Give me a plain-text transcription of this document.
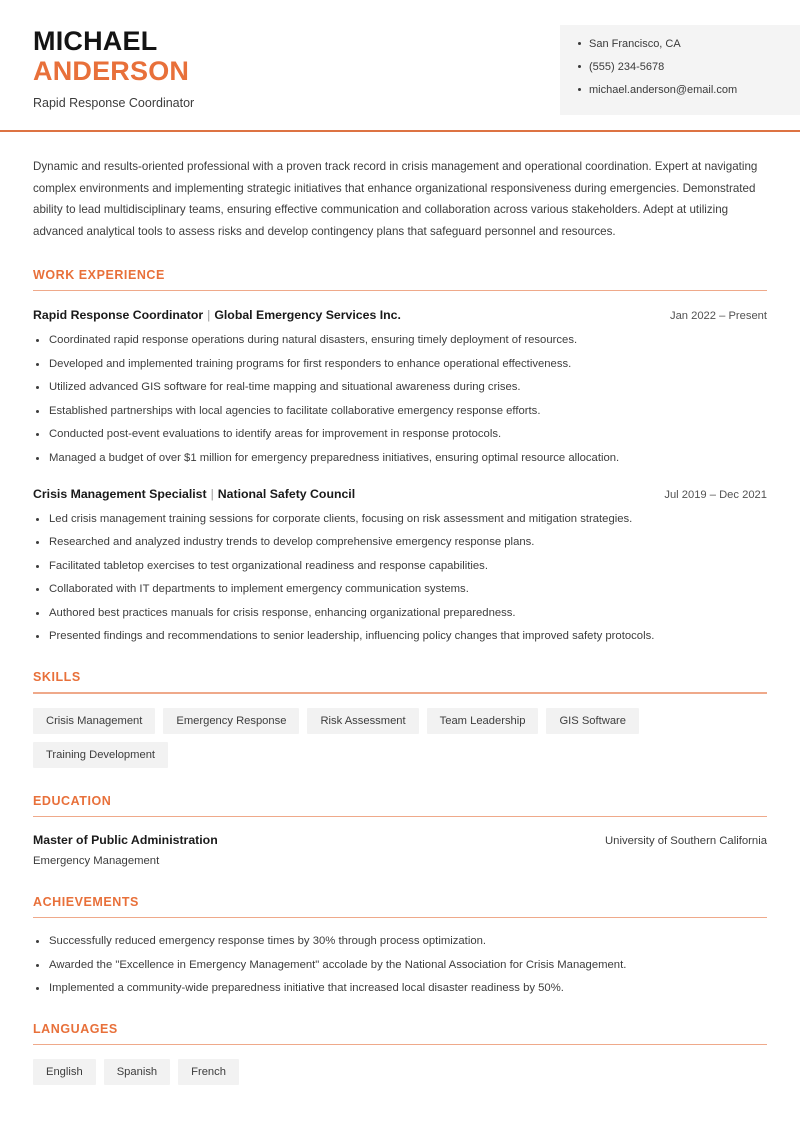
MICHAEL
ANDERSON
Rapid Response Coordinator
San Francisco, CA
(555) 234-5678
michael.anderson@email.com

Dynamic and results-oriented professional with a proven track record in crisis management and operational coordination. Expert at navigating complex environments and implementing strategic initiatives that enhance organizational responsiveness during emergencies. Demonstrated ability to lead multidisciplinary teams, ensuring effective communication and collaboration across various stakeholders. Adept at utilizing advanced analytical tools to assess risks and develop contingency plans that safeguard personnel and resources.

WORK EXPERIENCE
Rapid Response Coordinator | Global Emergency Services Inc.	Jan 2022 – Present
Coordinated rapid response operations during natural disasters, ensuring timely deployment of resources.
Developed and implemented training programs for first responders to enhance operational effectiveness.
Utilized advanced GIS software for real-time mapping and situational awareness during crises.
Established partnerships with local agencies to facilitate collaborative emergency response efforts.
Conducted post-event evaluations to identify areas for improvement in response protocols.
Managed a budget of over $1 million for emergency preparedness initiatives, ensuring optimal resource allocation.
Crisis Management Specialist | National Safety Council	Jul 2019 – Dec 2021
Led crisis management training sessions for corporate clients, focusing on risk assessment and mitigation strategies.
Researched and analyzed industry trends to develop comprehensive emergency response plans.
Facilitated tabletop exercises to test organizational readiness and response capabilities.
Collaborated with IT departments to implement emergency communication systems.
Authored best practices manuals for crisis response, enhancing organizational preparedness.
Presented findings and recommendations to senior leadership, influencing policy changes that improved safety protocols.
SKILLS
Crisis Management	Emergency Response	Risk Assessment	Team Leadership	GIS Software
Training Development
EDUCATION
Master of Public Administration	University of Southern California
Emergency Management
ACHIEVEMENTS
Successfully reduced emergency response times by 30% through process optimization.
Awarded the "Excellence in Emergency Management" accolade by the National Association for Crisis Management.
Implemented a community-wide preparedness initiative that increased local disaster readiness by 50%.
LANGUAGES
English	Spanish	French
